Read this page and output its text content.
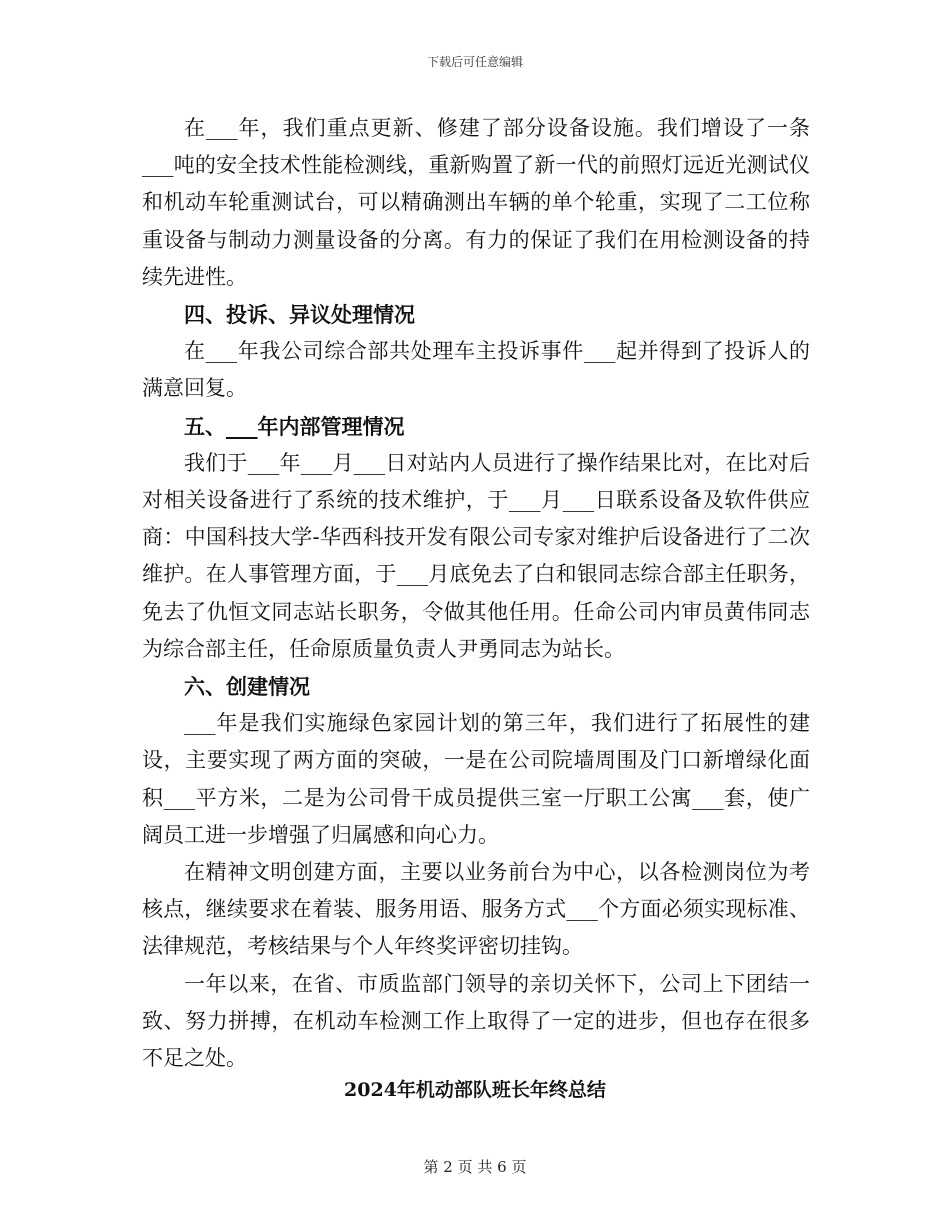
下载后可任意编辑

在___年，我们重点更新、修建了部分设备设施。我们增设了一条___吨的安全技术性能检测线，重新购置了新一代的前照灯远近光测试仪和机动车轮重测试台，可以精确测出车辆的单个轮重，实现了二工位称重设备与制动力测量设备的分离。有力的保证了我们在用检测设备的持续先进性。

四、投诉、异议处理情况

在___年我公司综合部共处理车主投诉事件___起并得到了投诉人的满意回复。

五、___年内部管理情况

我们于___年___月___日对站内人员进行了操作结果比对，在比对后对相关设备进行了系统的技术维护，于___月___日联系设备及软件供应商：中国科技大学-华西科技开发有限公司专家对维护后设备进行了二次维护。在人事管理方面，于___月底免去了白和银同志综合部主任职务，免去了仇恒文同志站长职务，令做其他任用。任命公司内审员黄伟同志为综合部主任，任命原质量负责人尹勇同志为站长。

六、创建情况

___年是我们实施绿色家园计划的第三年，我们进行了拓展性的建设，主要实现了两方面的突破，一是在公司院墙周围及门口新增绿化面积___平方米，二是为公司骨干成员提供三室一厅职工公寓___套，使广阔员工进一步增强了归属感和向心力。

在精神文明创建方面，主要以业务前台为中心，以各检测岗位为考核点，继续要求在着装、服务用语、服务方式___个方面必须实现标准、法律规范，考核结果与个人年终奖评密切挂钩。

一年以来，在省、市质监部门领导的亲切关怀下，公司上下团结一致、努力拼搏，在机动车检测工作上取得了一定的进步，但也存在很多不足之处。

2024年机动部队班长年终总结
第 2 页 共 6 页
